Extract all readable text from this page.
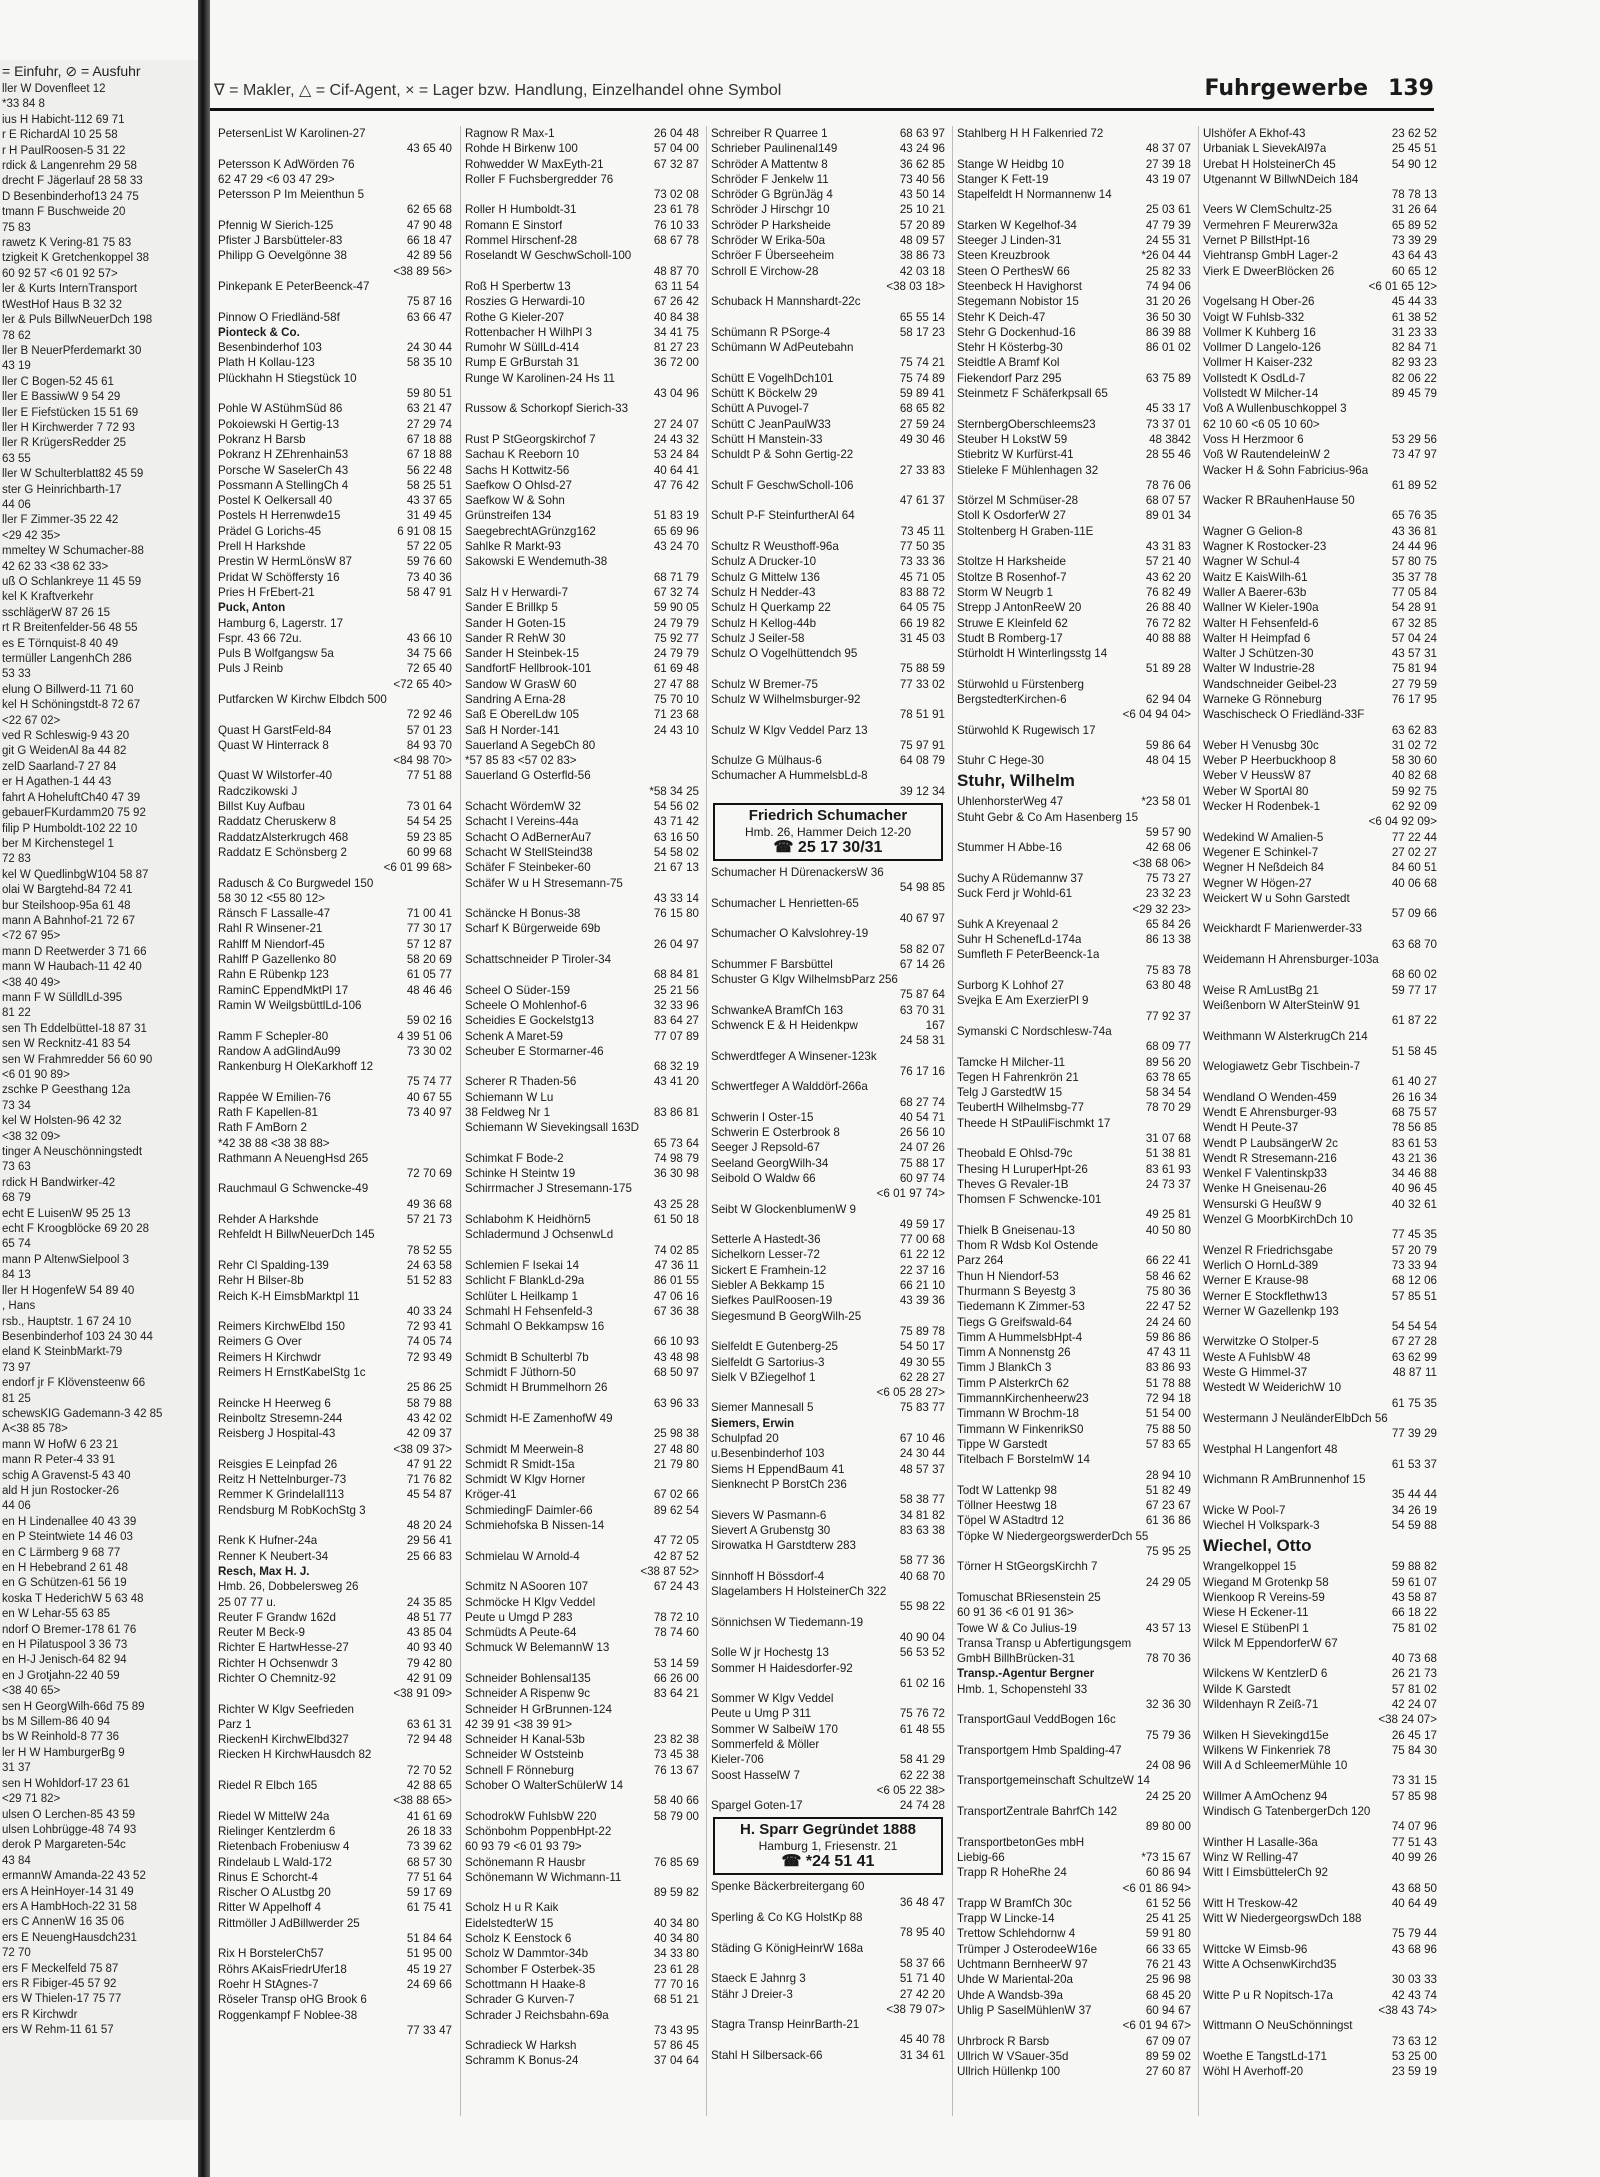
= Einfuhr, ⊘ = Ausfuhr
ller W Dovenfleet 12
*33 84 8
ius H Habicht-112 69 71
r E RichardAl 10 25 58
r H PaulRoosen-5 31 22
rdick & Langenrehm 29 58
drecht F Jägerlauf 28 58 33
D Besenbinderhof13 24 75
tmann F Buschweide 20
75 83
rawetz K Vering-81 75 83
tzigkeit K Gretchenkoppel 38
60 92 57 <6 01 92 57>
ler & Kurts InternTransport
tWestHof Haus B 32 32
ler & Puls BillwNeuerDch 198
78 62
ller B NeuerPferdemarkt 30
43 19
ller C Bogen-52 45 61
ller E BassiwW 9 54 29
ller E Fiefstücken 15 51 69
ller H Kirchwerder 7 72 93
ller R KrügersRedder 25
63 55
ller W Schulterblatt82 45 59
ster G Heinrichbarth-17
44 06
ller F Zimmer-35 22 42
<29 42 35>
mmeltey W Schumacher-88
42 62 33 <38 62 33>
uß O Schlankreye 11 45 59
kel K Kraftverkehr
sschlägerW 87 26 15
rt R Breitenfelder-56 48 55
es E Törnquist-8 40 49
termüller LangenhCh 286
53 33
elung O Billwerd-11 71 60
kel H Schöningstdt-8 72 67
<22 67 02>
ved R Schleswig-9 43 20
git G WeidenAl 8a 44 82
zelD Saarland-7 27 84
er H Agathen-1 44 43
fahrt A HoheluftCh40 47 39
gebauerFKurdamm20 75 92
filip P Humboldt-102 22 10
ber M Kirchenstegel 1
72 83
kel W QuedlinbgW104 58 87
olai W Bargtehd-84 72 41
bur Steilshoop-95a 61 48
mann A Bahnhof-21 72 67
<72 67 95>
mann D Reetwerder 3 71 66
mann W Haubach-11 42 40
<38 40 49>
mann F W SülldlLd-395
81 22
sen Th EddelbütteI-18 87 31
sen W Recknitz-41 83 54
sen W Frahmredder 56 60 90
<6 01 90 89>
zschke P Geesthang 12a
73 34
kel W Holsten-96 42 32
<38 32 09>
tinger A Neuschönningstedt
73 63
rdick H Bandwirker-42
68 79
echt E LuisenW 95 25 13
echt F Kroogblöcke 69 20 28
65 74
mann P AltenwSielpool 3
84 13
ller H HogenfeW 54 89 40
, Hans
rsb., Hauptstr. 1 67 24 10
Besenbinderhof 103 24 30 44
eland K SteinbMarkt-79
73 97
endorf jr F Klövensteenw 66
81 25
schewsKIG Gademann-3 42 85
A<38 85 78>
mann W HofW 6 23 21
mann R Peter-4 33 91
schig A Gravenst-5 43 40
ald H jun Rostocker-26
44 06
en H Lindenallee 40 43 39
en P Steintwiete 14 46 03
en C Lärmberg 9 68 77
en H Hebebrand 2 61 48
en G Schützen-61 56 19
koska T HederichW 5 63 48
en W Lehar-55 63 85
ndorf O Bremer-178 61 76
en H Pilatuspool 3 36 73
en H-J Jenisch-64 82 94
en J Grotjahn-22 40 59
<38 40 65>
sen H GeorgWilh-66d 75 89
bs M Sillem-86 40 94
bs W Reinhold-8 77 36
ler H W HamburgerBg 9
31 37
sen H Wohldorf-17 23 61
<29 71 82>
ulsen O Lerchen-85 43 59
ulsen Lohbrügge-48 74 93
derok P Margareten-54c
43 84
ermannW Amanda-22 43 52
ers A HeinHoyer-14 31 49
ers A HambHoch-22 31 58
ers C AnnenW 16 35 06
ers E NeuengHausdch231
72 70
ers F Meckelfeld 75 87
ers R Fibiger-45 57 92
ers W Thielen-17 75 77
ers R Kirchwdr
ers W Rehm-11 61 57
∇ = Makler, △ = Cif-Agent, × = Lager bzw. Handlung, Einzelhandel ohne Symbol	Fuhrgewerbe 139
PetersenList W Karolinen-27
43 65 40
Petersson K AdWörden 76
62 47 29 <6 03 47 29>
Petersson P Im Meienthun 5
62 65 68
Pfennig W Sierich-125	47 90 48
Pfister J Barsbütteler-83	66 18 47
Philipp G Oevelgönne 38	42 89 56
<38 89 56>
Pinkepank E PeterBeenck-47
75 87 16
Pinnow O Friedländ-58f	63 66 47
Pionteck & Co.
Besenbinderhof 103	24 30 44
Plath H Kollau-123	58 35 10
Plückhahn H Stiegstück 10
59 80 51
Pohle W AStühmSüd 86	63 21 47
Pokoiewski H Gertig-13	27 29 74
Pokranz H Barsb	67 18 88
Pokranz H ZEhrenhain53	67 18 88
Porsche W SaselerCh 43	56 22 48
Possmann A StellingCh 4	58 25 51
Postel K Oelkersall 40	43 37 65
Postels H Herrenwde15	31 49 45
Prädel G Lorichs-45	6 91 08 15
Prell H Harkshde	57 22 05
Prestin W HermLönsW 87	59 76 60
Pridat W Schöffersty 16	73 40 36
Pries H FrEbert-21	58 47 91
Puck, Anton
Hamburg 6, Lagerstr. 17
Fspr. 43 66 72u.	43 66 10
Puls B Wolfgangsw 5a	34 75 66
Puls J Reinb	72 65 40
<72 65 40>
Putfarcken W Kirchw Elbdch 500
72 92 46
Quast H GarstFeld-84	57 01 23
Quast W Hinterrack 8	84 93 70
<84 98 70>
Quast W Wilstorfer-40	77 51 88
Radczikowski J
Billst Kuy Aufbau	73 01 64
Raddatz Cheruskerw 8	54 54 25
RaddatzAlsterkrugch 468	59 23 85
Raddatz E Schönsberg 2	60 99 68
<6 01 99 68>
Radusch & Co Burgwedel 150
58 30 12 <55 80 12>
Ränsch F Lassalle-47	71 00 41
Rahl R Winsener-21	77 30 17
Rahlff M Niendorf-45	57 12 87
Rahlff P Gazellenko 80	58 20 69
Rahn E Rübenkp 123	61 05 77
RaminC EppendMktPl 17	48 46 46
Ramin W WeilgsbüttlLd-106
59 02 16
Ramm F Schepler-80	4 39 51 06
Randow A adGlindAu99	73 30 02
Rankenburg H OleKarkhoff 12
75 74 77
Rappée W Emilien-76	40 67 55
Rath F Kapellen-81	73 40 97
Rath F AmBorn 2
*42 38 88 <38 38 88>
Rathmann A NeuengHsd 265
72 70 69
Rauchmaul G Schwencke-49
49 36 68
Rehder A Harkshde	57 21 73
Rehfeldt H BillwNeuerDch 145
78 52 55
Rehr Cl Spalding-139	24 63 58
Rehr H Bilser-8b	51 52 83
Reich K-H EimsbMarktpl 11
40 33 24
Reimers KirchwElbd 150	72 93 41
Reimers G Over	74 05 74
Reimers H Kirchwdr	72 93 49
Reimers H ErnstKabelStg 1c
25 86 25
Reincke H Heerweg 6	58 79 88
Reinboltz Stresemn-244	43 42 02
Reisberg J Hospital-43	42 09 37
<38 09 37>
Reisgies E Leinpfad 26	47 91 22
Reitz H Nettelnburger-73	71 76 82
Remmer K Grindelall113	45 54 87
Rendsburg M RobKochStg 3
48 20 24
Renk K Hufner-24a	29 56 41
Renner K Neubert-34	25 66 83
Resch, Max H. J.
Hmb. 26, Dobbelersweg 26
25 07 77 u.	24 35 85
Reuter F Grandw 162d	48 51 77
Reuter M Beck-9	43 85 04
Richter E HartwHesse-27	40 93 40
Richter H Ochsenwdr 3	79 42 80
Richter O Chemnitz-92	42 91 09
<38 91 09>
Richter W Klgv Seefrieden
Parz 1	63 61 31
RieckenH KirchwElbd327	72 94 48
Riecken H KirchwHausdch 82
72 70 52
Riedel R Elbch 165	42 88 65
<38 88 65>
Riedel W MittelW 24a	41 61 69
Rielinger Kentzlerdm 6	26 18 33
Rietenbach Frobeniusw 4	73 39 62
Rindelaub L Wald-172	68 57 30
Rinus E Schorcht-4	77 51 64
Rischer O ALustbg 20	59 17 69
Ritter W Appelhoff 4	61 75 41
Rittmöller J AdBillwerder 25
51 84 64
Rix H BorstelerCh57	51 95 00
Röhrs AKaisFriedrUfer18	45 19 27
Roehr H StAgnes-7	24 69 66
Röseler Transp oHG Brook 6
Roggenkampf F Noblee-38
77 33 47
Ragnow R Max-1	26 04 48
Rohde H Birkenw 100	57 04 00
Rohwedder W MaxEyth-21	67 32 87
Roller F Fuchsbergredder 76
73 02 08
Roller H Humboldt-31	23 61 78
Romann E Sinstorf	76 10 33
Rommel Hirschenf-28	68 67 78
Roselandt W GeschwScholl-100
48 87 70
Roß H Sperbertw 13	63 11 54
Roszies G Herwardi-10	67 26 42
Rothe G Kieler-207	40 84 38
Rottenbacher H WilhPl 3	34 41 75
Rumohr W SüllLd-414	81 27 23
Rump E GrBurstah 31	36 72 00
Runge W Karolinen-24 Hs 11
43 04 96
Russow & Schorkopf Sierich-33
27 24 07
Rust P StGeorgskirchof 7	24 43 32
Sachau K Reeborn 10	53 24 84
Sachs H Kottwitz-56	40 64 41
Saefkow O Ohlsd-27	47 76 42
Saefkow W & Sohn
Grünstreifen 134	51 83 19
SaegebrechtAGrünzg162	65 69 96
Sahlke R Markt-93	43 24 70
Sakowski E Wendemuth-38
68 71 79
Salz H v Herwardi-7	67 32 74
Sander E Brillkp 5	59 90 05
Sander H Goten-15	24 79 79
Sander R RehW 30	75 92 77
Sander H Steinbek-15	24 79 79
SandfortF Hellbrook-101	61 69 48
Sandow W GrasW 60	27 47 88
Sandring A Erna-28	75 70 10
Saß E OberelLdw 105	71 23 68
Saß H Norder-141	24 43 10
Sauerland A SegebCh 80
*57 85 83 <57 02 83>
Sauerland G Osterfld-56
*58 34 25
Schacht WördemW 32	54 56 02
Schacht I Vereins-44a	43 71 42
Schacht O AdBernerAu7	63 16 50
Schacht W StellSteind38	54 58 02
Schäfer F Steinbeker-60	21 67 13
Schäfer W u H Stresemann-75
43 33 14
Schäncke H Bonus-38	76 15 80
Scharf K Bürgerweide 69b
26 04 97
Schattschneider P Tiroler-34
68 84 81
Scheel O Süder-159	25 21 56
Scheele O Mohlenhof-6	32 33 96
Scheidies E Gockelstg13	83 64 27
Schenk A Maret-59	77 07 89
Scheuber E Stormarner-46
68 32 19
Scherer R Thaden-56	43 41 20
Schiemann W Lu
38 Feldweg Nr 1	83 86 81
Schiemann W Sievekingsall 163D
65 73 64
Schimkat F Bode-2	74 98 79
Schinke H Steintw 19	36 30 98
Schirrmacher J Stresemann-175
43 25 28
Schlabohm K Heidhörn5	61 50 18
Schladermund J OchsenwLd
74 02 85
Schlemien F Isekai 14	47 36 11
Schlicht F BlankLd-29a	86 01 55
Schlüter L Heilkamp 1	47 06 16
Schmahl H Fehsenfeld-3	67 36 38
Schmahl O Bekkampsw 16
66 10 93
Schmidt B Schulterbl 7b	43 48 98
Schmidt F Jüthorn-50	68 50 97
Schmidt H Brummelhorn 26
63 96 33
Schmidt H-E ZamenhofW 49
25 98 38
Schmidt M Meerwein-8	27 48 80
Schmidt R Smidt-15a	21 79 80
Schmidt W Klgv Horner
Kröger-41	67 02 66
SchmiedingF Daimler-66	89 62 54
Schmiehofska B Nissen-14
47 72 05
Schmielau W Arnold-4	42 87 52
<38 87 52>
Schmitz N ASooren 107	67 24 43
Schmöcke H Klgv Veddel
Peute u Umgd P 283	78 72 10
Schmüdts A Peute-64	78 74 60
Schmuck W BelemannW 13
53 14 59
Schneider Bohlensal135	66 26 00
Schneider A Rispenw 9c	83 64 21
Schneider H GrBrunnen-124
42 39 91 <38 39 91>
Schneider H Kanal-53b	23 82 38
Schneider W Oststeinb	73 45 38
Schnell F Rönneburg	76 13 67
Schober O WalterSchülerW 14
58 40 66
SchodrokW FuhlsbW 220	58 79 00
Schönbohm PoppenbHpt-22
60 93 79 <6 01 93 79>
Schönemann R Hausbr	76 85 69
Schönemann W Wichmann-11
89 59 82
Scholz H u R Kaik
EidelstedterW 15	40 34 80
Scholz K Eenstock 6	40 34 80
Scholz W Dammtor-34b	34 33 80
Schomber F Osterbek-35	23 61 28
Schottmann H Haake-8	77 70 16
Schrader G Kurven-7	68 51 21
Schrader J Reichsbahn-69a
73 43 95
Schradieck W Harksh	57 86 45
Schramm K Bonus-24	37 04 64
Schreiber R Quarree 1	68 63 97
Schrieber Paulinenal149	43 24 96
Schröder A Mattentw 8	36 62 85
Schröder F Jenkelw 11	73 40 56
Schröder G BgrünJäg 4	43 50 14
Schröder J Hirschgr 10	25 10 21
Schröder P Harksheide	57 20 89
Schröder W Erika-50a	48 09 57
Schröer F Überseeheim	38 86 73
Schroll E Virchow-28	42 03 18
<38 03 18>
Schuback H Mannshardt-22c
65 55 14
Schümann R PSorge-4	58 17 23
Schümann W AdPeutebahn
75 74 21
Schütt E VogelhDch101	75 74 89
Schütt K Böckelw 29	59 89 41
Schütt A Puvogel-7	68 65 82
Schütt C JeanPaulW33	27 59 24
Schütt H Manstein-33	49 30 46
Schuldt P & Sohn Gertig-22
27 33 83
Schult F GeschwScholl-106
47 61 37
Schult P-F SteinfurtherAl 64
73 45 11
Schultz R Weusthoff-96a	77 50 35
Schulz A Drucker-10	73 33 36
Schulz G Mittelw 136	45 71 05
Schulz H Nedder-43	83 88 72
Schulz H Querkamp 22	64 05 75
Schulz H Kellog-44b	66 19 82
Schulz J Seiler-58	31 45 03
Schulz O Vogelhüttendch 95
75 88 59
Schulz W Bremer-75	77 33 02
Schulz W Wilhelmsburger-92
78 51 91
Schulz W Klgv Veddel Parz 13
75 97 91
Schulze G Mülhaus-6	64 08 79
Schumacher A HummelsbLd-8
39 12 34
Friedrich Schumacher
Hmb. 26, Hammer Deich 12-20
☎ 25 17 30/31
Schumacher H DürenackersW 36
54 98 85
Schumacher L Henrietten-65
40 67 97
Schumacher O Kalvslohrey-19
58 82 07
Schummer F Barsbüttel	67 14 26
Schuster G Klgv WilhelmsbParz 256
75 87 64
SchwankeA BramfCh 163	63 70 31
Schwenck E & H Heidenkpw	167
24 58 31
Schwerdtfeger A Winsener-123k
76 17 16
Schwertfeger A Walddörf-266a
68 27 74
Schwerin I Oster-15	40 54 71
Schwerin E Osterbrook 8	26 56 10
Seeger J Repsold-67	24 07 26
Seeland GeorgWilh-34	75 88 17
Seibold O Waldw 66	60 97 74
<6 01 97 74>
Seibt W GlockenblumenW 9
49 59 17
Setterle A Hastedt-36	77 00 68
Sichelkorn Lesser-72	61 22 12
Sickert E Framhein-12	22 37 16
Siebler A Bekkamp 15	66 21 10
Siefkes PaulRoosen-19	43 39 36
Siegesmund B GeorgWilh-25
75 89 78
Sielfeldt E Gutenberg-25	54 50 17
Sielfeldt G Sartorius-3	49 30 55
Sielk V BZiegelhof 1	62 28 27
<6 05 28 27>
Siemer Mannesall 5	75 83 77
Siemers, Erwin
Schulpfad 20	67 10 46
u.Besenbinderhof 103	24 30 44
Siems H EppendBaum 41	48 57 37
Sienknecht P BorstCh 236
58 38 77
Sievers W Pasmann-6	34 81 82
Sievert A Grubenstg 30	83 63 38
Sirowatka H Garstdterw 283
58 77 36
Sinnhoff H Bössdorf-4	40 68 70
Slagelambers H HolsteinerCh 322
55 98 22
Sönnichsen W Tiedemann-19
40 90 04
Solle W jr Hochestg 13	56 53 52
Sommer H Haidesdorfer-92
61 02 16
Sommer W Klgv Veddel
Peute u Umg P 311	75 76 72
Sommer W SalbeiW 170	61 48 55
Sommerfeld & Möller
Kieler-706	58 41 29
Soost HasselW 7	62 22 38
<6 05 22 38>
Spargel Goten-17	24 74 28
H. Sparr Gegründet 1888
Hamburg 1, Friesenstr. 21
☎ *24 51 41
Spenke Bäckerbreitergang 60
36 48 47
Sperling & Co KG HolstKp 88
78 95 40
Städing G KönigHeinrW 168a
58 37 66
Staeck E Jahnrg 3	51 71 40
Stähr J Dreier-3	27 42 20
<38 79 07>
Stagra Transp HeinrBarth-21
45 40 78
Stahl H Silbersack-66	31 34 61
Stahlberg H H Falkenried 72
48 37 07
Stange W Heidbg 10	27 39 18
Stanger K Fett-19	43 19 07
Stapelfeldt H Normannenw 14
25 03 61
Starken W Kegelhof-34	47 79 39
Steeger J Linden-31	24 55 31
Steen Kreuzbrook	*26 04 44
Steen O PerthesW 66	25 82 33
Steenbeck H Havighorst	74 94 06
Stegemann Nobistor 15	31 20 26
Stehr K Deich-47	36 50 30
Stehr G Dockenhud-16	86 39 88
Stehr H Kösterbg-30	86 01 02
Steidtle A Bramf Kol
Fiekendorf Parz 295	63 75 89
Steinmetz F Schäferkpsall 65
45 33 17
SternbergOberschleems23	73 37 01
Steuber H LokstW 59	48 3842
Stiebritz W Kurfürst-41	28 55 46
Stieleke F Mühlenhagen 32
78 76 06
Störzel M Schmüser-28	68 07 57
Stoll K OsdorferW 27	89 01 34
Stoltenberg H Graben-11E
43 31 83
Stoltze H Harksheide	57 21 40
Stoltze B Rosenhof-7	43 62 20
Storm W Neugrb 1	76 82 49
Strepp J AntonReeW 20	26 88 40
Struwe E Kleinfeld 62	76 72 82
Studt B Romberg-17	40 88 88
Stürholdt H Winterlingsstg 14
51 89 28
Stürwohld u Fürstenberg
BergstedterKirchen-6	62 94 04
<6 04 94 04>
Stürwohld K Rugewisch 17
59 86 64
Stuhr C Hege-30	48 04 15
Stuhr, Wilhelm
UhlenhorsterWeg 47	*23 58 01
Stuht Gebr & Co Am Hasenberg 15
59 57 90
Stummer H Abbe-16	42 68 06
<38 68 06>
Suchy A Rüdemannw 37	75 73 27
Suck Ferd jr Wohld-61	23 32 23
<29 32 23>
Suhk A Kreyenaal 2	65 84 26
Suhr H SchenefLd-174a	86 13 38
Sumfleth F PeterBeenck-1a
75 83 78
Surborg K Lohhof 27	63 80 48
Svejka E Am ExerzierPl 9
77 92 37
Symanski C Nordschlesw-74a
68 09 77
Tamcke H Milcher-11	89 56 20
Tegen H Fahrenkrön 21	63 78 65
Telg J GarstedtW 15	58 34 54
TeubertH Wilhelmsbg-77	78 70 29
Theede H StPauliFischmkt 17
31 07 68
Theobald E Ohlsd-79c	51 38 81
Thesing H LuruperHpt-26	83 61 93
Theves G Revaler-1B	24 73 37
Thomsen F Schwencke-101
49 25 81
Thielk B Gneisenau-13	40 50 80
Thom R Wdsb Kol Ostende
Parz 264	66 22 41
Thun H Niendorf-53	58 46 62
Thurmann S Beyestg 3	75 80 36
Tiedemann K Zimmer-53	22 47 52
Tiegs G Greifswald-64	24 24 60
Timm A HummelsbHpt-4	59 86 86
Timm A Nonnenstg 26	47 43 11
Timm J BlankCh 3	83 86 93
Timm P AlsterkrCh 62	51 78 88
TimmannKirchenheerw23	72 94 18
Timmann W Brochm-18	51 54 00
Timmann W FinkenrikS0	75 88 50
Tippe W Garstedt	57 83 65
Titelbach F BorstelmW 14
28 94 10
Todt W Lattenkp 98	51 82 49
Töllner Heestwg 18	67 23 67
Töpel W AStadtrd 12	61 36 86
Töpke W NiedergeorgswerderDch 55
75 95 25
Törner H StGeorgsKirchh 7
24 29 05
Tomuschat BRiesenstein 25
60 91 36 <6 01 91 36>
Towe W & Co Julius-19	43 57 13
Transa Transp u Abfertigungsgem
GmbH BillhBrücken-31	78 70 36
Transp.-Agentur Bergner
Hmb. 1, Schopenstehl 33
32 36 30
TransportGaul VeddBogen 16c
75 79 36
Transportgem Hmb Spalding-47
24 08 96
Transportgemeinschaft SchultzeW 14
24 25 20
TransportZentrale BahrfCh 142
89 80 00
TransportbetonGes mbH
Liebig-66	*73 15 67
Trapp R HoheRhe 24	60 86 94
<6 01 86 94>
Trapp W BramfCh 30c	61 52 56
Trapp W Lincke-14	25 41 25
Trettow Schlehdornw 4	59 91 80
Trümper J OsterodeeW16e	66 33 65
Uchtmann BernheerW 97	76 21 43
Uhde W Mariental-20a	25 96 98
Uhde A Wandsb-39a	68 45 20
Uhlig P SaselMühlenW 37	60 94 67
<6 01 94 67>
Uhrbrock R Barsb	67 09 07
Ullrich W VSauer-35d	89 59 02
Ullrich Hüllenkp 100	27 60 87
Ulshöfer A Ekhof-43	23 62 52
Urbaniak L SievekAl97a	25 45 51
Urebat H HolsteinerCh 45	54 90 12
Utgenannt W BillwNDeich 184
78 78 13
Veers W ClemSchultz-25	31 26 64
Vermehren F Meurerw32a	65 89 52
Vernet P BillstHpt-16	73 39 29
Viehtransp GmbH Lager-2	43 64 43
Vierk E DweerBlöcken 26	60 65 12
<6 01 65 12>
Vogelsang H Ober-26	45 44 33
Voigt W Fuhlsb-332	61 38 52
Vollmer K Kuhberg 16	31 23 33
Vollmer D Langelo-126	82 84 71
Vollmer H Kaiser-232	82 93 23
Vollstedt K OsdLd-7	82 06 22
Vollstedt W Milcher-14	89 45 79
Voß A Wullenbuschkoppel 3
62 10 60 <6 05 10 60>
Voss H Herzmoor 6	53 29 56
Voß W RautendeleinW 2	73 47 97
Wacker H & Sohn Fabricius-96a
61 89 52
Wacker R BRauhenHause 50
65 76 35
Wagner G Gelion-8	43 36 81
Wagner K Rostocker-23	24 44 96
Wagner W Schul-4	57 80 75
Waitz E KaisWilh-61	35 37 78
Waller A Baerer-63b	77 05 84
Wallner W Kieler-190a	54 28 91
Walter H Fehsenfeld-6	67 32 85
Walter H Heimpfad 6	57 04 24
Walter J Schützen-30	43 57 31
Walter W Industrie-28	75 81 94
Wandschneider Geibel-23	27 79 59
Warneke G Rönneburg	76 17 95
Waschischeck O Friedländ-33F
63 62 83
Weber H Venusbg 30c	31 02 72
Weber P Heerbuckhoop 8	58 30 60
Weber V HeussW 87	40 82 68
Weber W SportAl 80	59 92 75
Wecker H Rodenbek-1	62 92 09
<6 04 92 09>
Wedekind W Amalien-5	77 22 44
Wegener E Schinkel-7	27 02 27
Wegner H Neßdeich 84	84 60 51
Wegner W Högen-27	40 06 68
Weickert W u Sohn Garstedt
57 09 66
Weickhardt F Marienwerder-33
63 68 70
Weidemann H Ahrensburger-103a
68 60 02
Weise R AmLustBg 21	59 77 17
Weißenborn W AlterSteinW 91
61 87 22
Weithmann W AlsterkrugCh 214
51 58 45
Welogiawetz Gebr Tischbein-7
61 40 27
Wendland O Wenden-459	26 16 34
Wendt E Ahrensburger-93	68 75 57
Wendt H Peute-37	78 56 85
Wendt P LaubsängerW 2c	83 61 53
Wendt R Stresemann-216	43 21 36
Wenkel F Valentinskp33	34 46 88
Wenke H Gneisenau-26	40 96 45
Wensurski G HeußW 9	40 32 61
Wenzel G MoorbKirchDch 10
77 45 35
Wenzel R Friedrichsgabe	57 20 79
Werlich O HornLd-389	73 33 94
Werner E Krause-98	68 12 06
Werner E Stockflethw13	57 85 51
Werner W Gazellenkp 193
54 54 54
Werwitzke O Stolper-5	67 27 28
Weste A FuhlsbW 48	63 62 99
Weste G Himmel-37	48 87 11
Westedt W WeiderichW 10
61 75 35
Westermann J NeuländerElbDch 56
77 39 29
Westphal H Langenfort 48
61 53 37
Wichmann R AmBrunnenhof 15
35 44 44
Wicke W Pool-7	34 26 19
Wiechel H Volkspark-3	54 59 88
Wiechel, Otto
Wrangelkoppel 15	59 88 82
Wiegand M Grotenkp 58	59 61 07
Wienkoop R Vereins-59	43 58 87
Wiese H Eckener-11	66 18 22
Wiesel E StübenPl 1	75 81 02
Wilck M EppendorferW 67
40 73 68
Wilckens W KentzlerD 6	26 21 73
Wilde K Garstedt	57 81 02
Wildenhayn R Zeiß-71	42 24 07
<38 24 07>
Wilken H Sievekingd15e	26 45 17
Wilkens W Finkenriek 78	75 84 30
Will A d SchleemerMühle 10
73 31 15
Willmer A AmOchenz 94	57 85 98
Windisch G TatenbergerDch 120
74 07 96
Winther H Lasalle-36a	77 51 43
Winz W Relling-47	40 99 26
Witt I EimsbüttelerCh 92
43 68 50
Witt H Treskow-42	40 64 49
Witt W NiedergeorgswDch 188
75 79 44
Wittcke W Eimsb-96	43 68 96
Witte A OchsenwKirchd35
30 03 33
Witte P u R Nopitsch-17a	42 43 74
<38 43 74>
Wittmann O NeuSchönningst
73 63 12
Woethe E TangstLd-171	53 25 00
Wöhl H Averhoff-20	23 59 19
